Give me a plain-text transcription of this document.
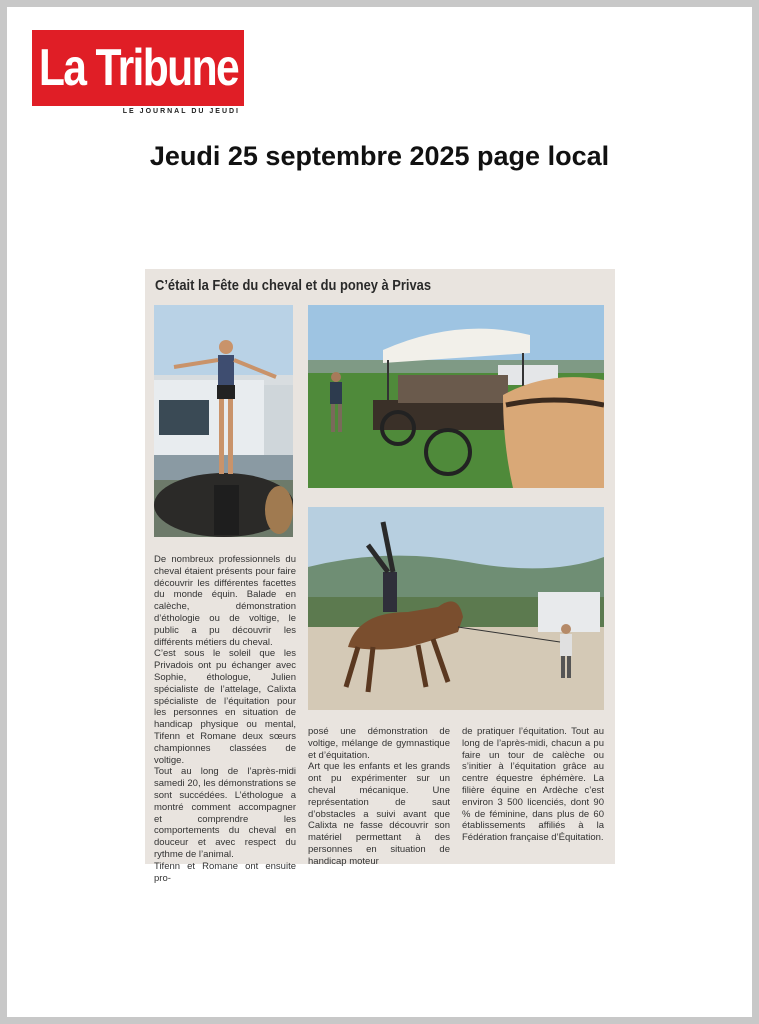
La Tribune
LE JOURNAL DU JEUDI
Jeudi 25 septembre 2025 page local
C’était la Fête du cheval et du poney à Privas

De nombreux professionnels du cheval étaient présents pour faire découvrir les différentes facettes du monde équin. Balade en calèche, démonstration d’éthologie ou de voltige, le public a pu découvrir les différents métiers du cheval.

C’est sous le soleil que les Privadois ont pu échanger avec Sophie, éthologue, Julien spécialiste de l’attelage, Calixta spécialiste de l’équitation pour les personnes en situation de handicap physique ou mental, Tifenn et Romane deux sœurs championnes classées de voltige.

Tout au long de l’après-midi samedi 20, les démonstrations se sont succédées. L’éthologue a montré comment accompagner et comprendre les comportements du cheval en douceur et avec respect du rythme de l’animal.

Tifenn et Romane ont ensuite pro-

posé une démonstration de voltige, mélange de gymnastique et d’équitation.

Art que les enfants et les grands ont pu expérimenter sur un cheval mécanique. Une représentation de saut d’obstacles a suivi avant que Calixta ne fasse découvrir son matériel permettant à des personnes en situation de handicap moteur

de pratiquer l’équitation. Tout au long de l’après-midi, chacun a pu faire un tour de calèche ou s’initier à l’équitation grâce au centre équestre éphémère. La filière équine en Ardèche c’est environ 3 500 licenciés, dont 90 % de féminine, dans plus de 60 établissements affiliés à la Fédération française d’Équitation.
